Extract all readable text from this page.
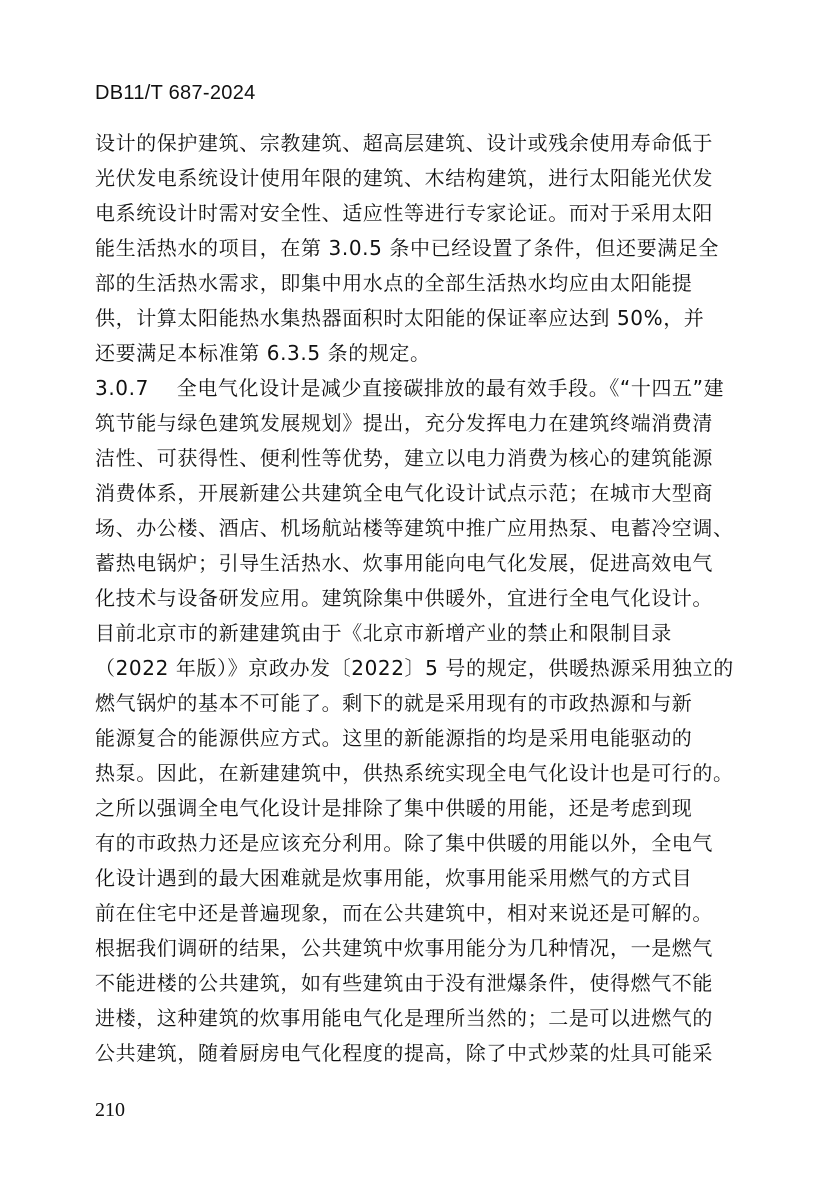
DB11/T 687-2024
设计的保护建筑、宗教建筑、超高层建筑、设计或残余使用寿命低于
光伏发电系统设计使用年限的建筑、木结构建筑，进行太阳能光伏发
电系统设计时需对安全性、适应性等进行专家论证。而对于采用太阳
能生活热水的项目，在第 3.0.5 条中已经设置了条件，但还要满足全
部的生活热水需求，即集中用水点的全部生活热水均应由太阳能提
供，计算太阳能热水集热器面积时太阳能的保证率应达到 50%，并
还要满足本标准第 6.3.5 条的规定。
3.0.7    全电气化设计是减少直接碳排放的最有效手段。《“十四五”建
筑节能与绿色建筑发展规划》提出，充分发挥电力在建筑终端消费清
洁性、可获得性、便利性等优势，建立以电力消费为核心的建筑能源
消费体系，开展新建公共建筑全电气化设计试点示范；在城市大型商
场、办公楼、酒店、机场航站楼等建筑中推广应用热泵、电蓄冷空调、
蓄热电锅炉；引导生活热水、炊事用能向电气化发展，促进高效电气
化技术与设备研发应用。建筑除集中供暖外，宜进行全电气化设计。
目前北京市的新建建筑由于《北京市新增产业的禁止和限制目录
（2022 年版）》京政办发〔2022〕5 号的规定，供暖热源采用独立的
燃气锅炉的基本不可能了。剩下的就是采用现有的市政热源和与新
能源复合的能源供应方式。这里的新能源指的均是采用电能驱动的
热泵。因此，在新建建筑中，供热系统实现全电气化设计也是可行的。
之所以强调全电气化设计是排除了集中供暖的用能，还是考虑到现
有的市政热力还是应该充分利用。除了集中供暖的用能以外，全电气
化设计遇到的最大困难就是炊事用能，炊事用能采用燃气的方式目
前在住宅中还是普遍现象，而在公共建筑中，相对来说还是可解的。
根据我们调研的结果，公共建筑中炊事用能分为几种情况，一是燃气
不能进楼的公共建筑，如有些建筑由于没有泄爆条件，使得燃气不能
进楼，这种建筑的炊事用能电气化是理所当然的；二是可以进燃气的
公共建筑，随着厨房电气化程度的提高，除了中式炒菜的灶具可能采
210
